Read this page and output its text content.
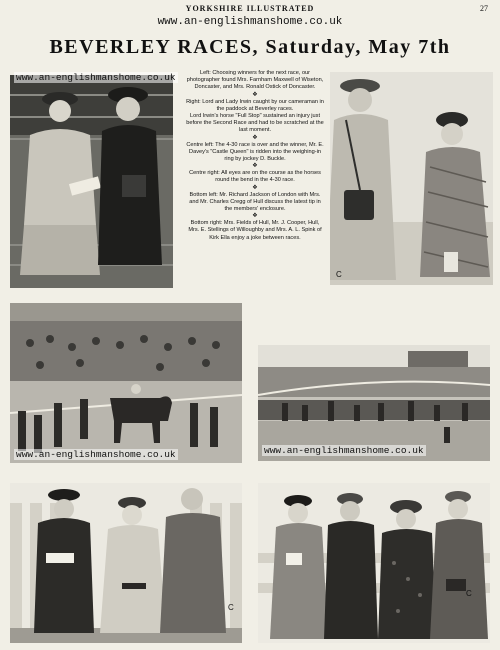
YORKSHIRE ILLUSTRATED	27
www.an-englishmanshome.co.uk
BEVERLEY RACES, Saturday, May 7th
C

Left: Choosing winners for the next race, our photographer found Mrs. Farnham Maxwell of Wiseton, Doncaster, and Mrs. Ronald Ostick of Doncaster.

❖

Right: Lord and Lady Irwin caught by our cameraman in the paddock at Beverley races.

Lord Irwin's horse "Full Stop" sustained an injury just before the Second Race and had to be scratched at the last moment.

❖

Centre left: The 4-30 race is over and the winner, Mr. E. Davey's "Castle Queen" is ridden into the weighing-in ring by jockey D. Buckle.

❖

Centre right: All eyes are on the course as the horses round the bend in the 4-30 race.

❖

Bottom left: Mr. Richard Jackson of London with Mrs. and Mr. Charles Cregg of Hull discuss the latest tip in the members' enclosure.

❖

Bottom right: Mrs. Fields of Hull, Mr. J. Cooper, Hull, Mrs. E. Stellings of Willoughby and Mrs. A. L. Spink of Kirk Ella enjoy a joke between races.

www.an-englishmanshome.co.uk	www.an-englishmanshome.co.uk
C
C
www.an-englishmanshome.co.uk
